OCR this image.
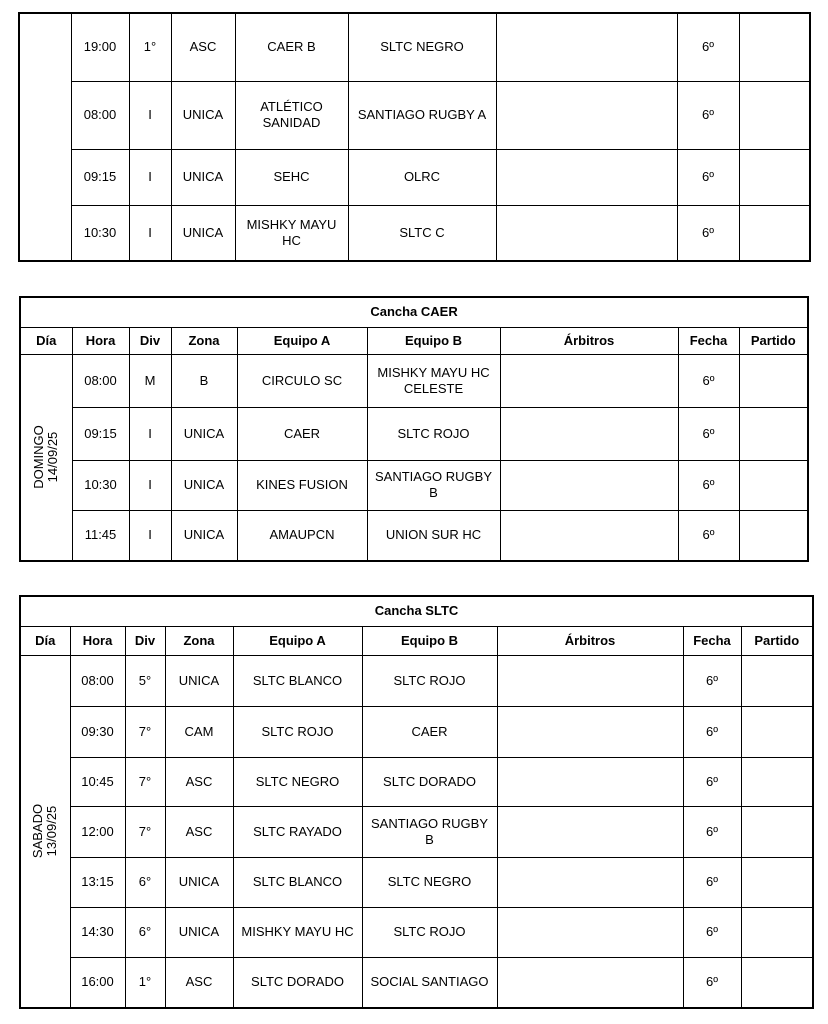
	19:00	1°	ASC	CAER B	SLTC NEGRO		6º	
	08:00	I	UNICA	ATLÉTICO SANIDAD	SANTIAGO RUGBY A		6º	
	09:15	I	UNICA	SEHC	OLRC		6º	
	10:30	I	UNICA	MISHKY MAYU HC	SLTC C		6º	
Cancha CAER								
Día	Hora	Div	Zona	Equipo A	Equipo B	Árbitros	Fecha	Partido

DOMINGO 14/09/25	08:00	M	B	CIRCULO SC	MISHKY MAYU HC CELESTE		6º	
	09:15	I	UNICA	CAER	SLTC ROJO		6º	
	10:30	I	UNICA	KINES FUSION	SANTIAGO RUGBY B		6º	
	11:45	I	UNICA	AMAUPCN	UNION SUR HC		6º	
Cancha SLTC								
Día	Hora	Div	Zona	Equipo A	Equipo B	Árbitros	Fecha	Partido

SABADO 13/09/25	08:00	5°	UNICA	SLTC BLANCO	SLTC ROJO		6º	
	09:30	7°	CAM	SLTC ROJO	CAER		6º	
	10:45	7°	ASC	SLTC NEGRO	SLTC DORADO		6º	
	12:00	7°	ASC	SLTC RAYADO	SANTIAGO RUGBY B		6º	
	13:15	6°	UNICA	SLTC BLANCO	SLTC NEGRO		6º	
	14:30	6°	UNICA	MISHKY MAYU HC	SLTC ROJO		6º	
	16:00	1°	ASC	SLTC DORADO	SOCIAL SANTIAGO		6º	
